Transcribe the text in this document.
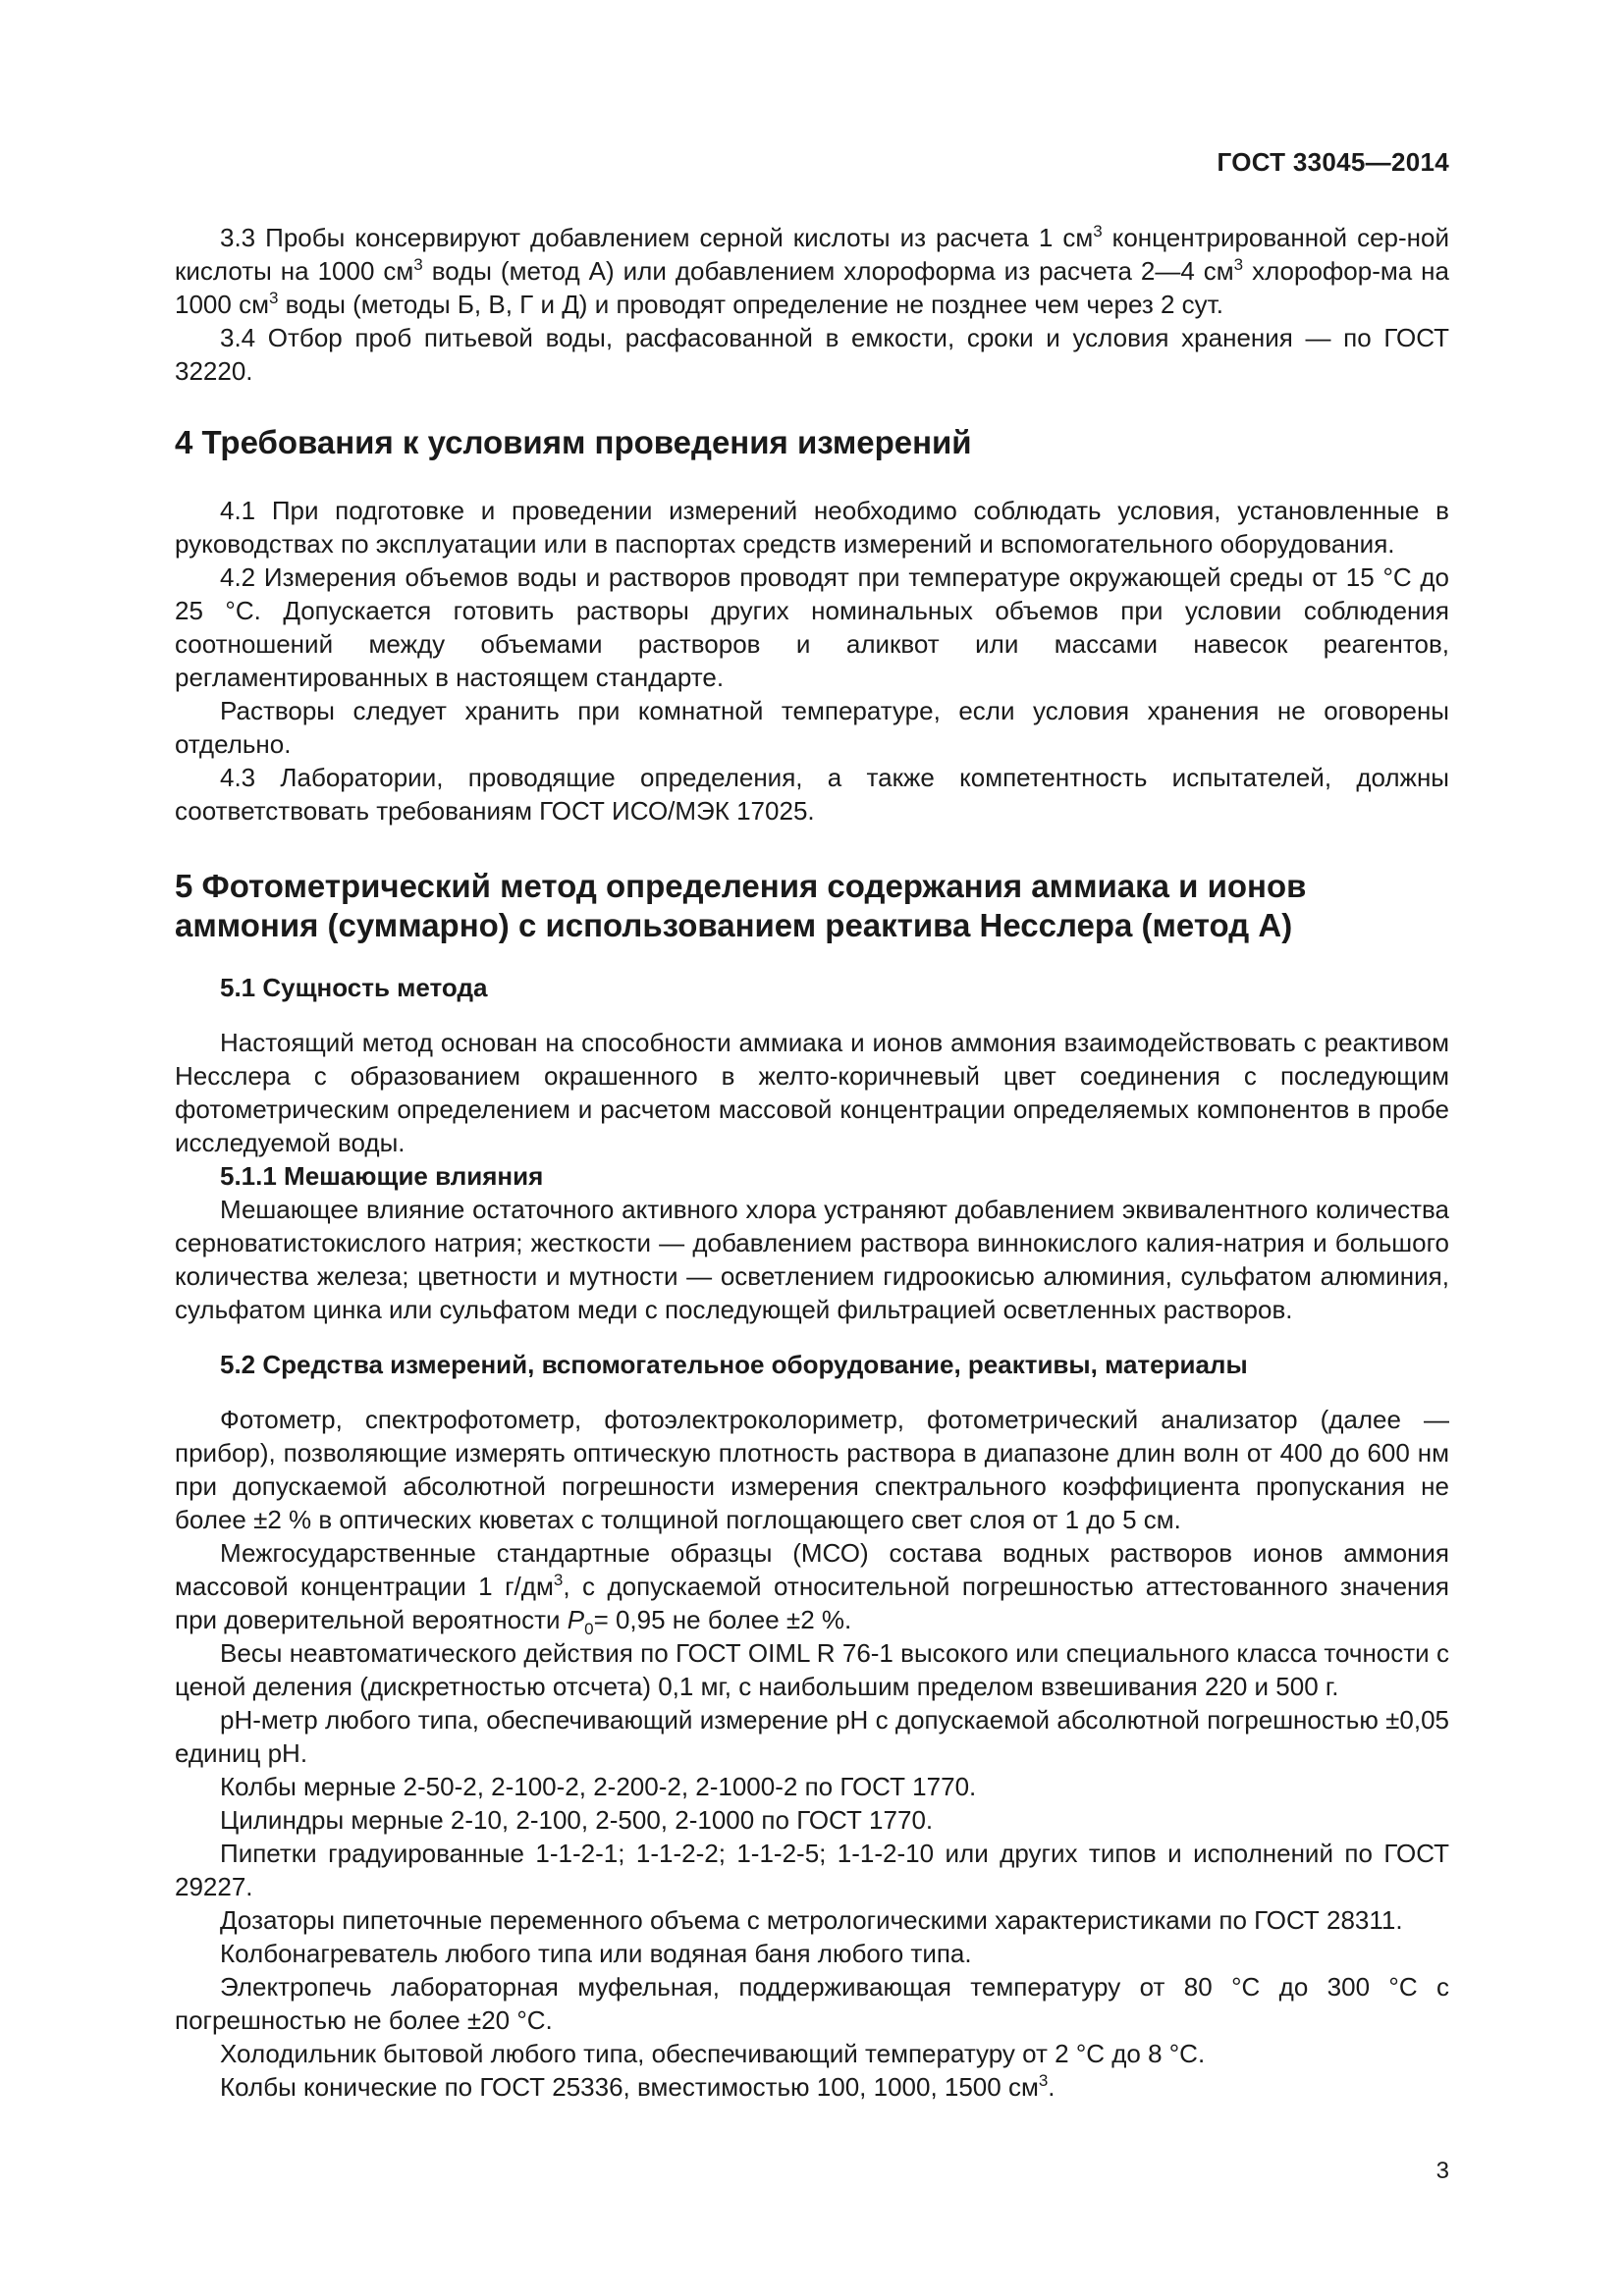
ГОСТ 33045—2014

3.3 Пробы консервируют добавлением серной кислоты из расчета 1 $см^3$ концентрированной сер-ной кислоты на 1000 $см^3$ воды (метод А) или добавлением хлороформа из расчета 2—4 $см^3$ хлорофор-ма на 1000 $см^3$ воды (методы Б, В, Г и Д) и проводят определение не позднее чем через 2 сут.

3.4 Отбор проб питьевой воды, расфасованной в емкости, сроки и условия хранения — по ГОСТ 32220.

4 Требования к условиям проведения измерений

4.1 При подготовке и проведении измерений необходимо соблюдать условия, установленные в руководствах по эксплуатации или в паспортах средств измерений и вспомогательного оборудования.

4.2 Измерения объемов воды и растворов проводят при температуре окружающей среды от 15 °С до 25 °С. Допускается готовить растворы других номинальных объемов при условии соблюдения соотношений между объемами растворов и аликвот или массами навесок реагентов, регламентированных в настоящем стандарте.

Растворы следует хранить при комнатной температуре, если условия хранения не оговорены отдельно.

4.3 Лаборатории, проводящие определения, а также компетентность испытателей, должны соответствовать требованиям ГОСТ ИСО/МЭК 17025.

5 Фотометрический метод определения содержания аммиака и ионов аммония (суммарно) с использованием реактива Несслера (метод А)

5.1 Сущность метода

Настоящий метод основан на способности аммиака и ионов аммония взаимодействовать с реактивом Несслера с образованием окрашенного в желто-коричневый цвет соединения с последующим фотометрическим определением и расчетом массовой концентрации определяемых компонентов в пробе исследуемой воды.

5.1.1 Мешающие влияния

Мешающее влияние остаточного активного хлора устраняют добавлением эквивалентного количества серноватистокислого натрия; жесткости — добавлением раствора виннокислого калия-натрия и большого количества железа; цветности и мутности — осветлением гидроокисью алюминия, сульфатом алюминия, сульфатом цинка или сульфатом меди с последующей фильтрацией осветленных растворов.

5.2 Средства измерений, вспомогательное оборудование, реактивы, материалы

Фотометр, спектрофотометр, фотоэлектроколориметр, фотометрический анализатор (далее — прибор), позволяющие измерять оптическую плотность раствора в диапазоне длин волн от 400 до 600 нм при допускаемой абсолютной погрешности измерения спектрального коэффициента пропускания не более ±2 % в оптических кюветах с толщиной поглощающего свет слоя от 1 до 5 см.

Межгосударственные стандартные образцы (МСО) состава водных растворов ионов аммония массовой концентрации 1 $г/дм^3$, с допускаемой относительной погрешностью аттестованного значения при доверительной вероятности $P_0= 0,95$ не более ±2 %.

Весы неавтоматического действия по ГОСТ OIML R 76-1 высокого или специального класса точности с ценой деления (дискретностью отсчета) 0,1 мг, с наибольшим пределом взвешивания 220 и 500 г.

рН-метр любого типа, обеспечивающий измерение рН с допускаемой абсолютной погрешностью ±0,05 единиц рН.

Колбы мерные 2-50-2, 2-100-2, 2-200-2, 2-1000-2 по ГОСТ 1770.

Цилиндры мерные 2-10, 2-100, 2-500, 2-1000 по ГОСТ 1770.

Пипетки градуированные 1-1-2-1; 1-1-2-2; 1-1-2-5; 1-1-2-10 или других типов и исполнений по ГОСТ 29227.

Дозаторы пипеточные переменного объема с метрологическими характеристиками по ГОСТ 28311.

Колбонагреватель любого типа или водяная баня любого типа.

Электропечь лабораторная муфельная, поддерживающая температуру от 80 °С до 300 °С с погрешностью не более ±20 °С.

Холодильник бытовой любого типа, обеспечивающий температуру от 2 °С до 8 °С.

Колбы конические по ГОСТ 25336, вместимостью 100, 1000, 1500 $см^3$.

3
